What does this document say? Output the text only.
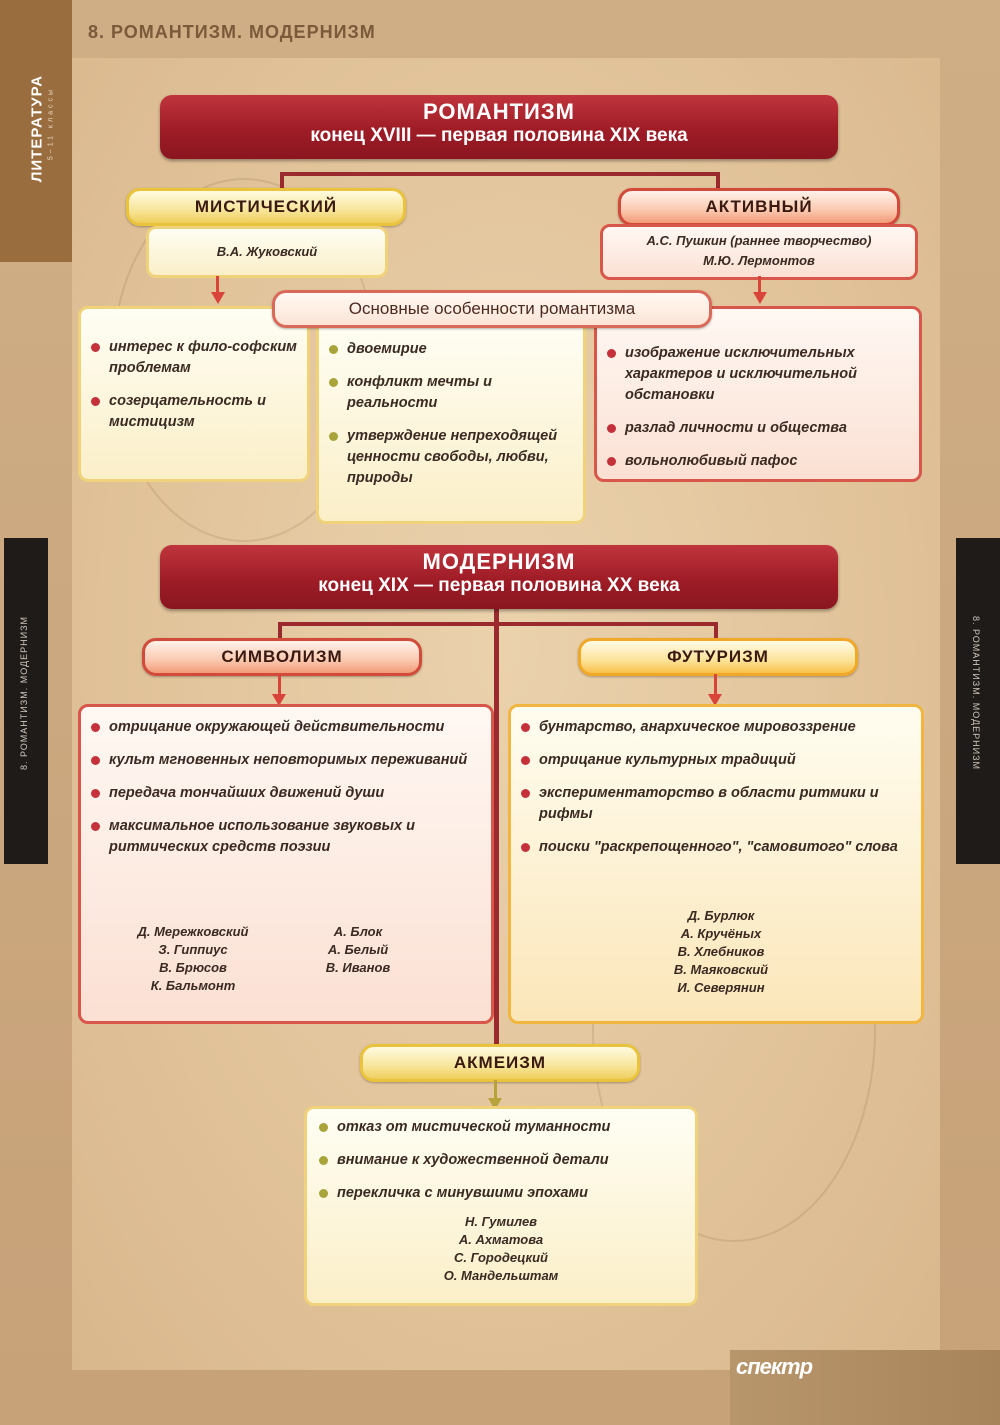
8. РОМАНТИЗМ. МОДЕРНИЗМ
ЛИТЕРАТУРА 5–11 классы
8. РОМАНТИЗМ. МОДЕРНИЗМ	8. РОМАНТИЗМ. МОДЕРНИЗМ
РОМАНТИЗМ
конец XVIII — первая половина XIX века
МИСТИЧЕСКИЙ
В.А. Жуковский
АКТИВНЫЙ
А.С. Пушкин (раннее творчество)
М.Ю. Лермонтов
интерес к фило-софским проблемам
созерцательность и мистицизм
двоемирие
конфликт мечты и реальности
утверждение непреходящей ценности свободы, любви, природы
изображение исключительных характеров и исключительной обстановки
разлад личности и общества
вольнолюбивый пафос
Основные особенности романтизма
МОДЕРНИЗМ
конец XIX — первая половина XX века
СИМВОЛИЗМ	ФУТУРИЗМ
отрицание окружающей действительности
культ мгновенных неповторимых переживаний
передача тончайших движений души
максимальное использование звуковых и ритмических средств поэзии
Д. Мережковский
З. Гиппиус
В. Брюсов
К. Бальмонт
А. Блок
А. Белый
В. Иванов
бунтарство, анархическое мировоззрение
отрицание культурных традиций
экспериментаторство в области ритмики и рифмы
поиски "раскрепощенного", "самовитого" слова
Д. Бурлюк
А. Кручёных
В. Хлебников
В. Маяковский
И. Северянин
АКМЕИЗМ
отказ от мистической туманности
внимание к художественной детали
перекличка с минувшими эпохами
Н. Гумилев
А. Ахматова
С. Городецкий
О. Мандельштам
спектр
